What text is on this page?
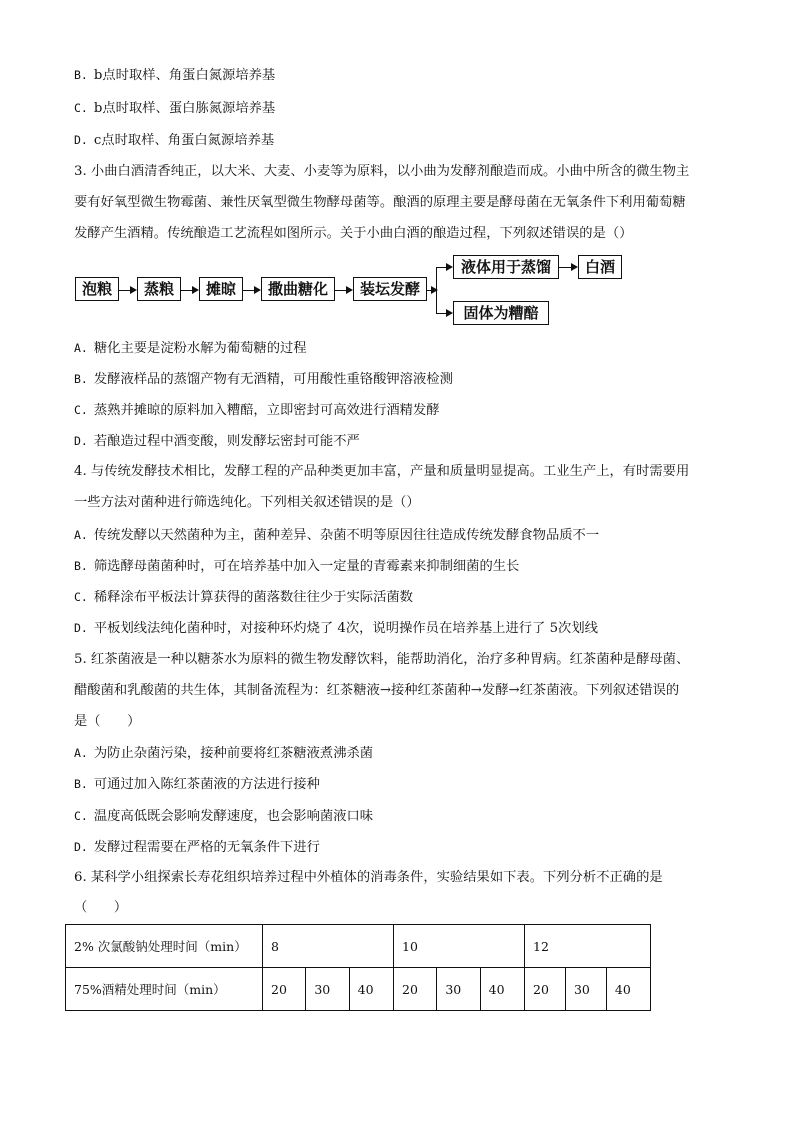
B. b点时取样、角蛋白氮源培养基
C. b点时取样、蛋白胨氮源培养基
D. c点时取样、角蛋白氮源培养基
3. 小曲白酒清香纯正，以大米、大麦、小麦等为原料，以小曲为发酵剂酿造而成。小曲中所含的微生物主
要有好氧型微生物霉菌、兼性厌氧型微生物酵母菌等。酿酒的原理主要是酵母菌在无氧条件下利用葡萄糖
发酵产生酒精。传统酿造工艺流程如图所示。关于小曲白酒的酿造过程，下列叙述错误的是（）
泡粮	蒸粮	摊晾	撒曲糖化	装坛发酵
液体用于蒸馏	白酒
固体为糟醅
A. 糖化主要是淀粉水解为葡萄糖的过程
B. 发酵液样品的蒸馏产物有无酒精，可用酸性重铬酸钾溶液检测
C. 蒸熟并摊晾的原料加入糟醅，立即密封可高效进行酒精发酵
D. 若酿造过程中酒变酸，则发酵坛密封可能不严
4. 与传统发酵技术相比，发酵工程的产品种类更加丰富，产量和质量明显提高。工业生产上，有时需要用
一些方法对菌种进行筛选纯化。下列相关叙述错误的是（）
A. 传统发酵以天然菌种为主，菌种差异、杂菌不明等原因往往造成传统发酵食物品质不一
B. 筛选酵母菌菌种时，可在培养基中加入一定量的青霉素来抑制细菌的生长
C. 稀释涂布平板法计算获得的菌落数往往少于实际活菌数
D. 平板划线法纯化菌种时，对接种环灼烧了 4次，说明操作员在培养基上进行了 5次划线
5. 红茶菌液是一种以糖茶水为原料的微生物发酵饮料，能帮助消化，治疗多种胃病。红茶菌种是酵母菌、
醋酸菌和乳酸菌的共生体，其制备流程为：红茶糖液→接种红茶菌种→发酵→红茶菌液。下列叙述错误的
是（　　）
A. 为防止杂菌污染，接种前要将红茶糖液煮沸杀菌
B. 可通过加入陈红茶菌液的方法进行接种
C. 温度高低既会影响发酵速度，也会影响菌液口味
D. 发酵过程需要在严格的无氧条件下进行
6. 某科学小组探索长寿花组织培养过程中外植体的消毒条件，实验结果如下表。下列分析不正确的是
（　　）
2% 次氯酸钠处理时间（min）	8			10			12		
75%酒精处理时间（min）	20	30	40	20	30	40	20	30	40
